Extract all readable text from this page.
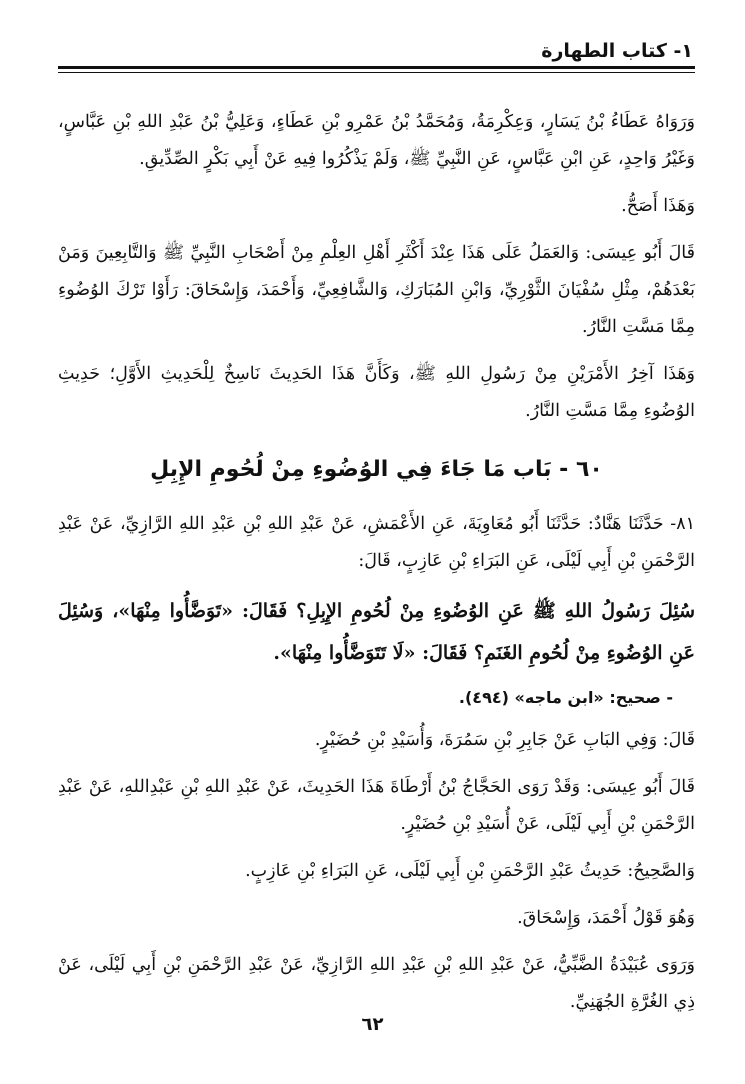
١- كتاب الطهارة

وَرَوَاهُ عَطَاءُ بْنُ يَسَارٍ، وَعِكْرِمَةُ، وَمُحَمَّدُ بْنُ عَمْرِو بْنِ عَطَاءٍ، وَعَلِيُّ بْنُ عَبْدِ اللهِ بْنِ عَبَّاسٍ، وَغَيْرُ وَاحِدٍ، عَنِ ابْنِ عَبَّاسٍ، عَنِ النَّبِيِّ ﷺ، وَلَمْ يَذْكُرُوا فِيهِ عَنْ أَبِي بَكْرٍ الصِّدِّيقِ.

وَهَذَا أَصَحُّ.

قَالَ أَبُو عِيسَى: وَالعَمَلُ عَلَى هَذَا عِنْدَ أَكْثَرِ أَهْلِ العِلْمِ مِنْ أَصْحَابِ النَّبِيِّ ﷺ وَالتَّابِعِينَ وَمَنْ بَعْدَهُمْ، مِثْلِ سُفْيَانَ الثَّوْرِيِّ، وَابْنِ المُبَارَكِ، وَالشَّافِعِيِّ، وَأَحْمَدَ، وَإِسْحَاقَ: رَأَوْا تَرْكَ الوُضُوءِ مِمَّا مَسَّتِ النَّارُ.

وَهَذَا آخِرُ الأَمْرَيْنِ مِنْ رَسُولِ اللهِ ﷺ، وَكَأَنَّ هَذَا الحَدِيثَ نَاسِخٌ لِلْحَدِيثِ الأَوَّلِ؛ حَدِيثِ الوُضُوءِ مِمَّا مَسَّتِ النَّارُ.

٦٠ - بَاب مَا جَاءَ فِي الوُضُوءِ مِنْ لُحُومِ الإِبِلِ

٨١- حَدَّثَنَا هَنَّادٌ: حَدَّثَنَا أَبُو مُعَاوِيَةَ، عَنِ الأَعْمَشِ، عَنْ عَبْدِ اللهِ بْنِ عَبْدِ اللهِ الرَّازِيِّ، عَنْ عَبْدِ الرَّحْمَنِ بْنِ أَبِي لَيْلَى، عَنِ البَرَاءِ بْنِ عَازِبٍ، قَالَ:

سُئِلَ رَسُولُ اللهِ ﷺ عَنِ الوُضُوءِ مِنْ لُحُومِ الإِبِلِ؟ فَقَالَ: «تَوَضَّأُوا مِنْهَا»، وَسُئِلَ عَنِ الوُضُوءِ مِنْ لُحُومِ الغَنَمِ؟ فَقَالَ: «لَا تَتَوَضَّأُوا مِنْهَا».

- صحيح: «ابن ماجه» (٤٩٤).

قَالَ: وَفِي البَابِ عَنْ جَابِرِ بْنِ سَمُرَةَ، وَأُسَيْدِ بْنِ حُضَيْرٍ.

قَالَ أَبُو عِيسَى: وَقَدْ رَوَى الحَجَّاجُ بْنُ أَرْطَاةَ هَذَا الحَدِيثَ، عَنْ عَبْدِ اللهِ بْنِ عَبْدِاللهِ، عَنْ عَبْدِ الرَّحْمَنِ بْنِ أَبِي لَيْلَى، عَنْ أُسَيْدِ بْنِ حُضَيْرٍ.

وَالصَّحِيحُ: حَدِيثُ عَبْدِ الرَّحْمَنِ بْنِ أَبِي لَيْلَى، عَنِ البَرَاءِ بْنِ عَازِبٍ.

وَهُوَ قَوْلُ أَحْمَدَ، وَإِسْحَاقَ.

وَرَوَى عُبَيْدَةُ الضَّبِّيُّ، عَنْ عَبْدِ اللهِ بْنِ عَبْدِ اللهِ الرَّازِيِّ، عَنْ عَبْدِ الرَّحْمَنِ بْنِ أَبِي لَيْلَى، عَنْ ذِي الغُرَّةِ الجُهَنِيِّ.

٦٢
